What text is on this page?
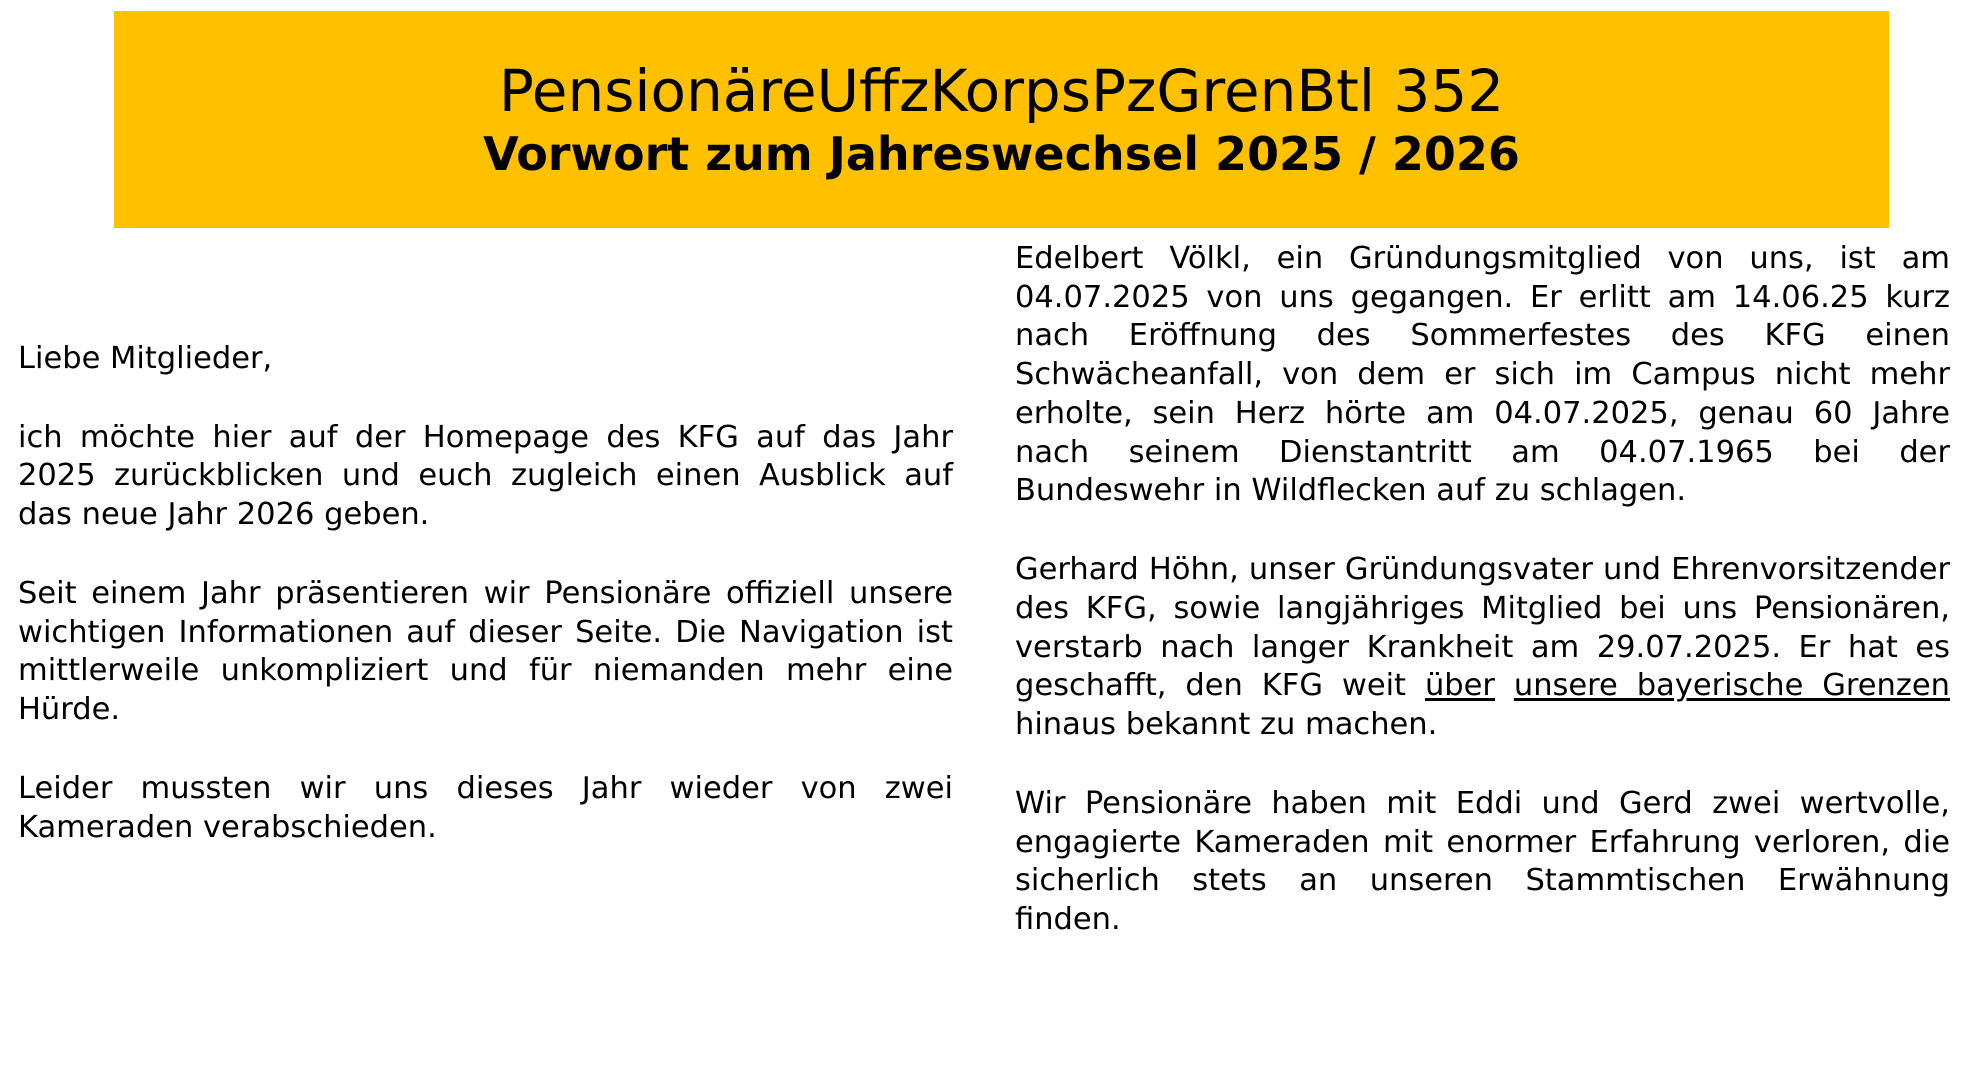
PensionäreUffzKorpsPzGrenBtl 352
Vorwort zum Jahreswechsel 2025 / 2026

Liebe Mitglieder,

ich möchte hier auf der Homepage des KFG auf das Jahr 2025 zurückblicken und euch zugleich einen Ausblick auf das neue Jahr 2026 geben.

Seit einem Jahr präsentieren wir Pensionäre offiziell unsere wichtigen Informationen auf dieser Seite. Die Navigation ist mittlerweile unkompliziert und für niemanden mehr eine Hürde.

Leider mussten wir uns dieses Jahr wieder von zwei Kameraden verabschieden.

Edelbert Völkl, ein Gründungsmitglied von uns, ist am 04.07.2025 von uns gegangen. Er erlitt am 14.06.25 kurz nach Eröffnung des Sommerfestes des KFG einen Schwächeanfall, von dem er sich im Campus nicht mehr erholte, sein Herz hörte am 04.07.2025, genau 60 Jahre nach seinem Dienstantritt am 04.07.1965 bei der Bundeswehr in Wildflecken auf zu schlagen.

Gerhard Höhn, unser Gründungsvater und Ehrenvorsitzender des KFG, sowie langjähriges Mitglied bei uns Pensionären, verstarb nach langer Krankheit am 29.07.2025. Er hat es geschafft, den KFG weit über unsere bayerische Grenzen hinaus bekannt zu machen.

Wir Pensionäre haben mit Eddi und Gerd zwei wertvolle, engagierte Kameraden mit enormer Erfahrung verloren, die sicherlich stets an unseren Stammtischen Erwähnung finden.
